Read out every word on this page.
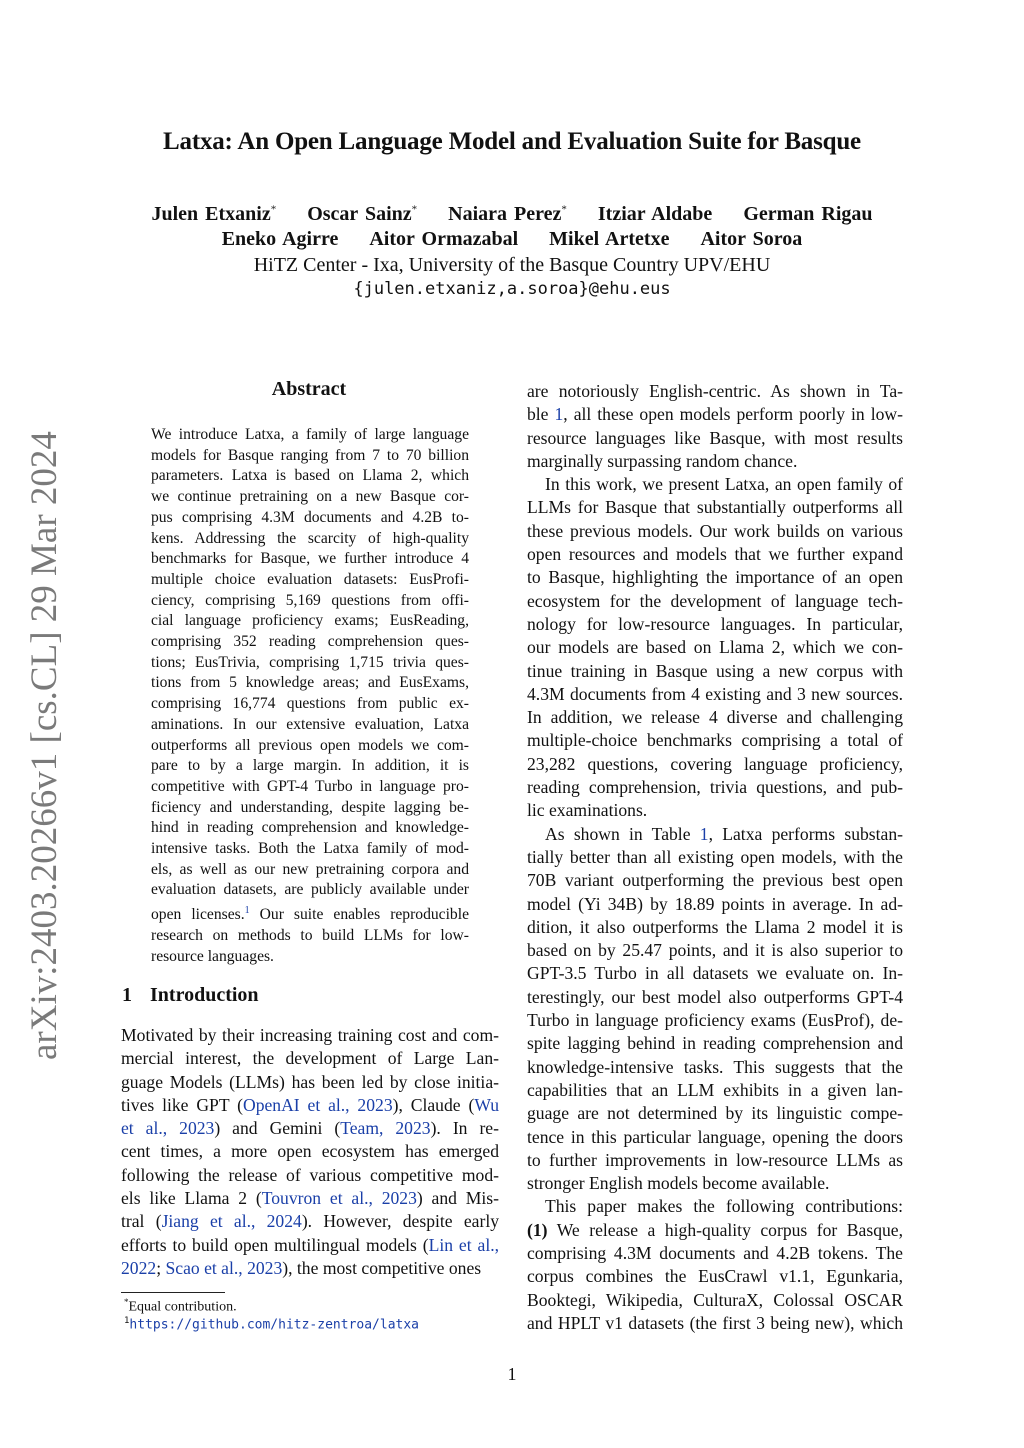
Latxa: An Open Language Model and Evaluation Suite for Basque
Julen Etxaniz* Oscar Sainz* Naiara Perez* Itziar Aldabe German Rigau
Eneko Agirre Aitor Ormazabal Mikel Artetxe Aitor Soroa
HiTZ Center - Ixa, University of the Basque Country UPV/EHU
{julen.etxaniz,a.soroa}@ehu.eus
arXiv:2403.20266v1 [cs.CL] 29 Mar 2024
Abstract
We introduce Latxa, a family of large language
models for Basque ranging from 7 to 70 billion
parameters. Latxa is based on Llama 2, which
we continue pretraining on a new Basque cor-
pus comprising 4.3M documents and 4.2B to-
kens. Addressing the scarcity of high-quality
benchmarks for Basque, we further introduce 4
multiple choice evaluation datasets: EusProfi-
ciency, comprising 5,169 questions from offi-
cial language proficiency exams; EusReading,
comprising 352 reading comprehension ques-
tions; EusTrivia, comprising 1,715 trivia ques-
tions from 5 knowledge areas; and EusExams,
comprising 16,774 questions from public ex-
aminations. In our extensive evaluation, Latxa
outperforms all previous open models we com-
pare to by a large margin. In addition, it is
competitive with GPT-4 Turbo in language pro-
ficiency and understanding, despite lagging be-
hind in reading comprehension and knowledge-
intensive tasks. Both the Latxa family of mod-
els, as well as our new pretraining corpora and
evaluation datasets, are publicly available under
open licenses.$^1$ Our suite enables reproducible
research on methods to build LLMs for low-
resource languages.
1 Introduction
Motivated by their increasing training cost and com-
mercial interest, the development of Large Lan-
guage Models (LLMs) has been led by close initia-
tives like GPT (OpenAI et al., 2023), Claude (Wu
et al., 2023) and Gemini (Team, 2023). In re-
cent times, a more open ecosystem has emerged
following the release of various competitive mod-
els like Llama 2 (Touvron et al., 2023) and Mis-
tral (Jiang et al., 2024). However, despite early
efforts to build open multilingual models (Lin et al.,
2022; Scao et al., 2023), the most competitive ones
*Equal contribution.
$^1$https://github.com/hitz-zentroa/latxa
are notoriously English-centric. As shown in Ta-
ble 1, all these open models perform poorly in low-
resource languages like Basque, with most results
marginally surpassing random chance.
In this work, we present Latxa, an open family of
LLMs for Basque that substantially outperforms all
these previous models. Our work builds on various
open resources and models that we further expand
to Basque, highlighting the importance of an open
ecosystem for the development of language tech-
nology for low-resource languages. In particular,
our models are based on Llama 2, which we con-
tinue training in Basque using a new corpus with
4.3M documents from 4 existing and 3 new sources.
In addition, we release 4 diverse and challenging
multiple-choice benchmarks comprising a total of
23,282 questions, covering language proficiency,
reading comprehension, trivia questions, and pub-
lic examinations.
As shown in Table 1, Latxa performs substan-
tially better than all existing open models, with the
70B variant outperforming the previous best open
model (Yi 34B) by 18.89 points in average. In ad-
dition, it also outperforms the Llama 2 model it is
based on by 25.47 points, and it is also superior to
GPT-3.5 Turbo in all datasets we evaluate on. In-
terestingly, our best model also outperforms GPT-4
Turbo in language proficiency exams (EusProf), de-
spite lagging behind in reading comprehension and
knowledge-intensive tasks. This suggests that the
capabilities that an LLM exhibits in a given lan-
guage are not determined by its linguistic compe-
tence in this particular language, opening the doors
to further improvements in low-resource LLMs as
stronger English models become available.
This paper makes the following contributions:
(1) We release a high-quality corpus for Basque,
comprising 4.3M documents and 4.2B tokens. The
corpus combines the EusCrawl v1.1, Egunkaria,
Booktegi, Wikipedia, CulturaX, Colossal OSCAR
and HPLT v1 datasets (the first 3 being new), which
1
